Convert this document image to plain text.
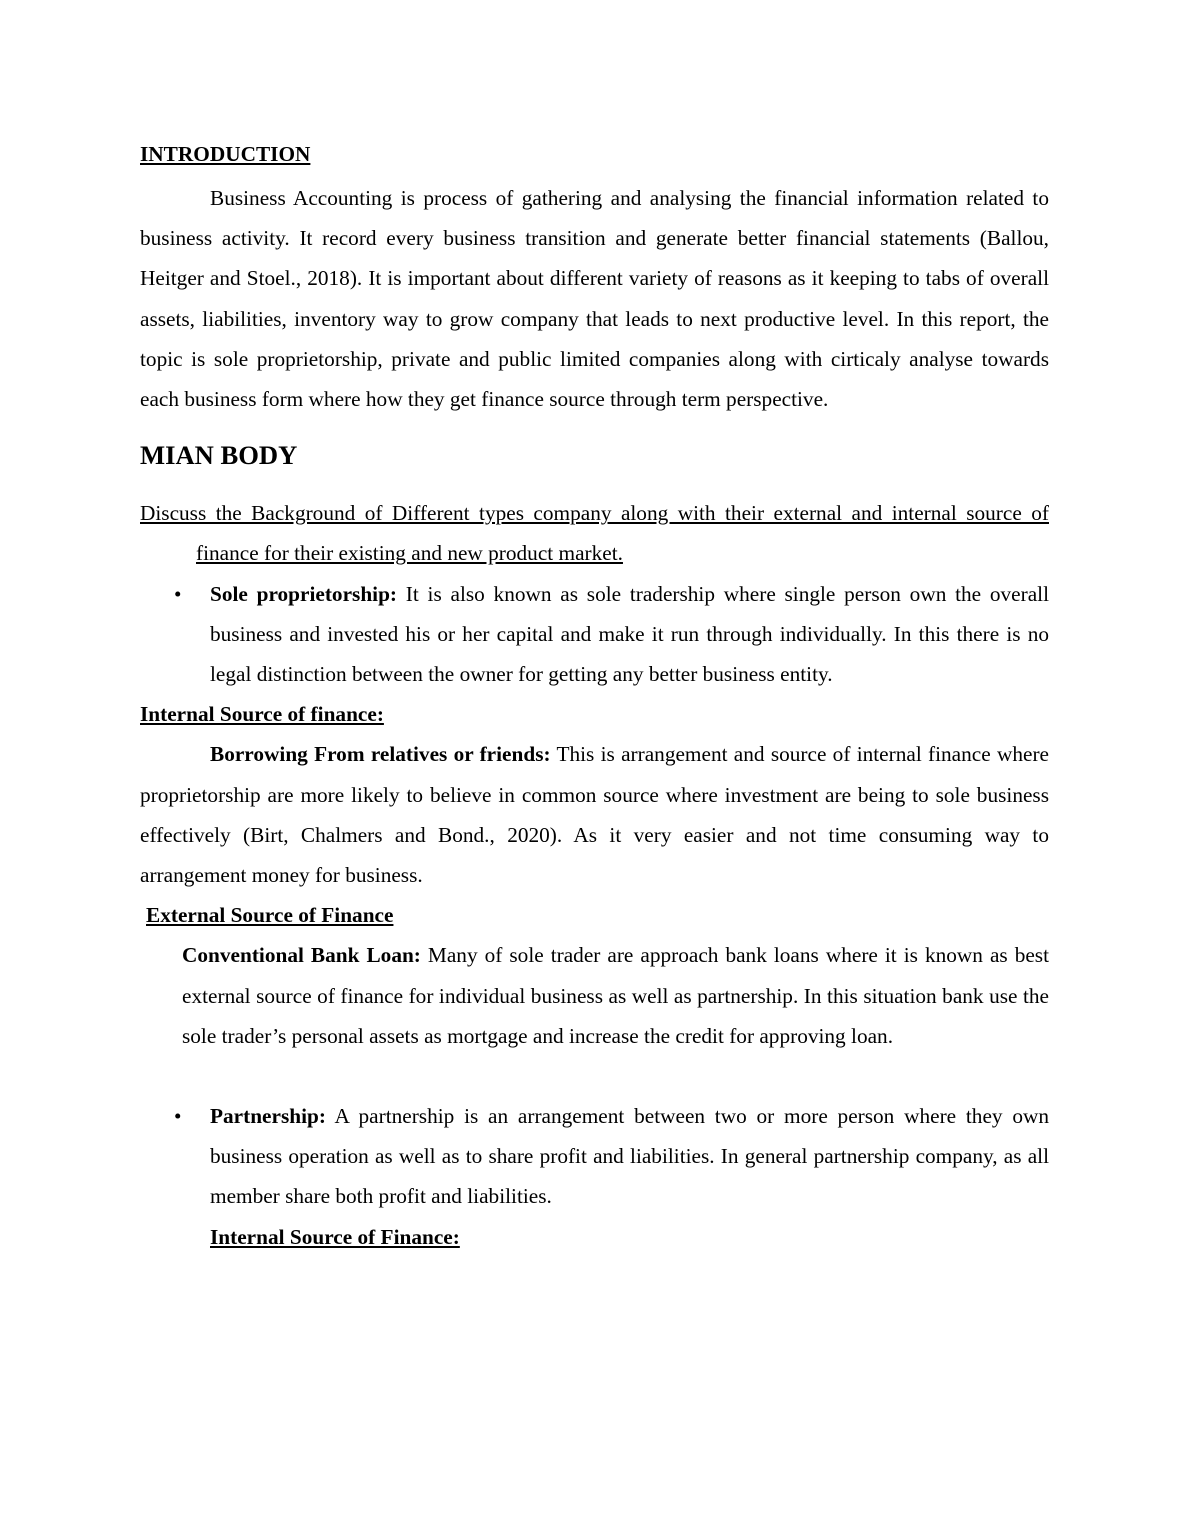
INTRODUCTION

Business Accounting is process of gathering and analysing the financial information related to business activity. It record every business transition and generate better financial statements (Ballou, Heitger and Stoel., 2018). It is important about different variety of reasons as it keeping to tabs of overall assets, liabilities, inventory way to grow company that leads to next productive level. In this report, the topic is sole proprietorship, private and public limited companies along with cirticaly analyse towards each business form where how they get finance source through term perspective.

MIAN BODY

Discuss the Background of Different types company along with their external and internal source of finance for their existing and new product market.

• Sole proprietorship: It is also known as sole tradership where single person own the overall business and invested his or her capital and make it run through individually. In this there is no legal distinction between the owner for getting any better business entity.

Internal Source of finance:

Borrowing From relatives or friends: This is arrangement and source of internal finance where proprietorship are more likely to believe in common source where investment are being to sole business effectively (Birt, Chalmers and Bond., 2020). As it very easier and not time consuming way to arrangement money for business.

External Source of Finance

Conventional Bank Loan: Many of sole trader are approach bank loans where it is known as best external source of finance for individual business as well as partnership. In this situation bank use the sole trader’s personal assets as mortgage and increase the credit for approving loan.

• Partnership: A partnership is an arrangement between two or more person where they own business operation as well as to share profit and liabilities. In general partnership company, as all member share both profit and liabilities.

Internal Source of Finance:
